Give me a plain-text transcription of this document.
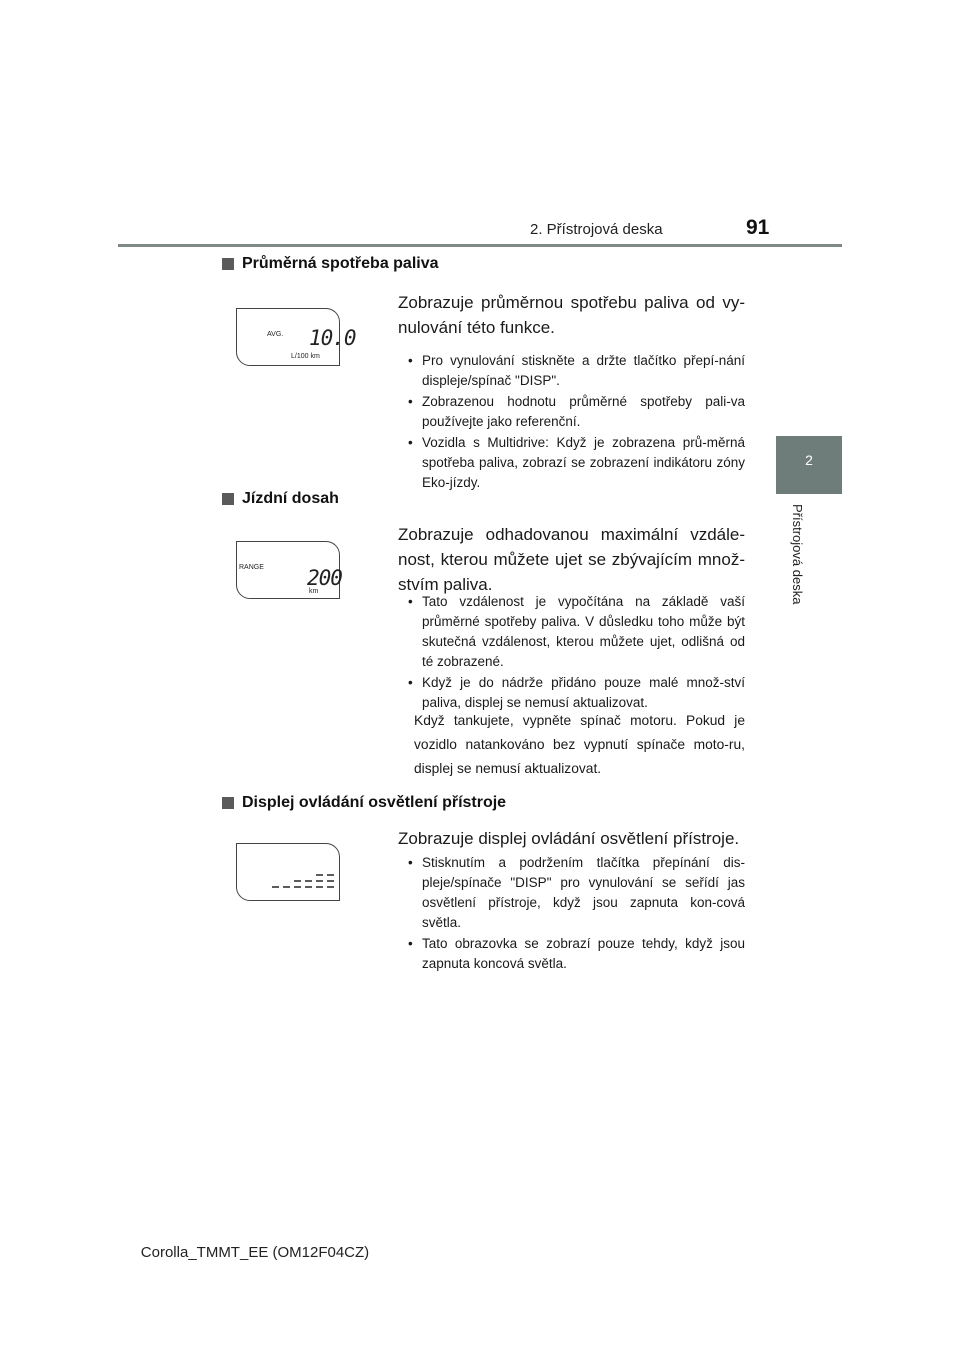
2. Přístrojová deska	91
2
Přístrojová deska
Průměrná spotřeba paliva

Zobrazuje průměrnou spotřebu paliva od vy-nulování této funkce.

AVG. 10.0
L/100 km	• Pro vynulování stiskněte a držte tlačítko přepí-nání displeje/spínač "DISP".
• Zobrazenou hodnotu průměrné spotřeby pali-va používejte jako referenční.
• Vozidla s Multidrive: Když je zobrazena prů-měrná spotřeba paliva, zobrazí se zobrazení indikátoru zóny Eko-jízdy.
Jízdní dosah

Zobrazuje odhadovanou maximální vzdále-nost, kterou můžete ujet se zbývajícím množ-stvím paliva.

RANGE 200
km
• Tato vzdálenost je vypočítána na základě vaší průměrné spotřeby paliva. V důsledku toho může být skutečná vzdálenost, kterou můžete ujet, odlišná od té zobrazené.
• Když je do nádrže přidáno pouze malé množ-ství paliva, displej se nemusí aktualizovat.

Když tankujete, vypněte spínač motoru. Pokud je vozidlo natankováno bez vypnutí spínače moto-ru, displej se nemusí aktualizovat.

Displej ovládání osvětlení přístroje

Zobrazuje displej ovládání osvětlení přístroje.

• Stisknutím a podržením tlačítka přepínání dis-pleje/spínače "DISP" pro vynulování se seřídí jas osvětlení přístroje, když jsou zapnuta kon-cová světla.
• Tato obrazovka se zobrazí pouze tehdy, když jsou zapnuta koncová světla.
Corolla_TMMT_EE (OM12F04CZ)
